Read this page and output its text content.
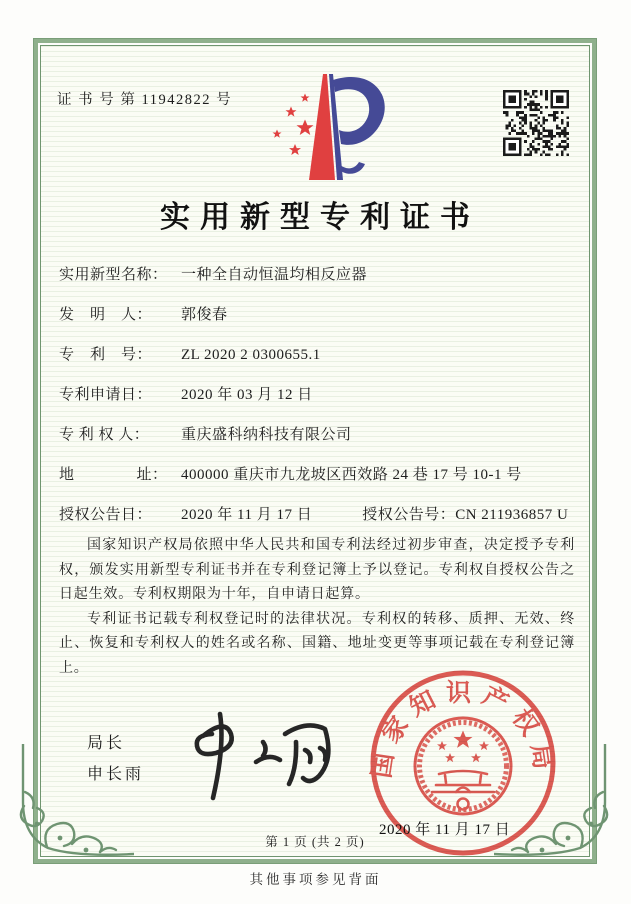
证 书 号 第 11942822 号
实用新型专利证书
实用新型名称： 一种全自动恒温均相反应器
发　明　人：	郭俊春
专　利　号：	ZL 2020 2 0300655.1
专利申请日：	2020 年 03 月 12 日
专 利 权 人：	重庆盛科纳科技有限公司
地　　　　址： 400000 重庆市九龙坡区西效路 24 巷 17 号 10-1 号
授权公告日：	2020 年 11 月 17 日	授权公告号： CN 211936857 U

国家知识产权局依照中华人民共和国专利法经过初步审查，决定授予专利权，颁发实用新型专利证书并在专利登记簿上予以登记。专利权自授权公告之日起生效。专利权期限为十年，自申请日起算。

专利证书记载专利权登记时的法律状况。专利权的转移、质押、无效、终止、恢复和专利权人的姓名或名称、国籍、地址变更等事项记载在专利登记簿上。

局长
申长雨	国家知识产权局
2020 年 11 月 17 日
第 1 页 (共 2 页)
其他事项参见背面
